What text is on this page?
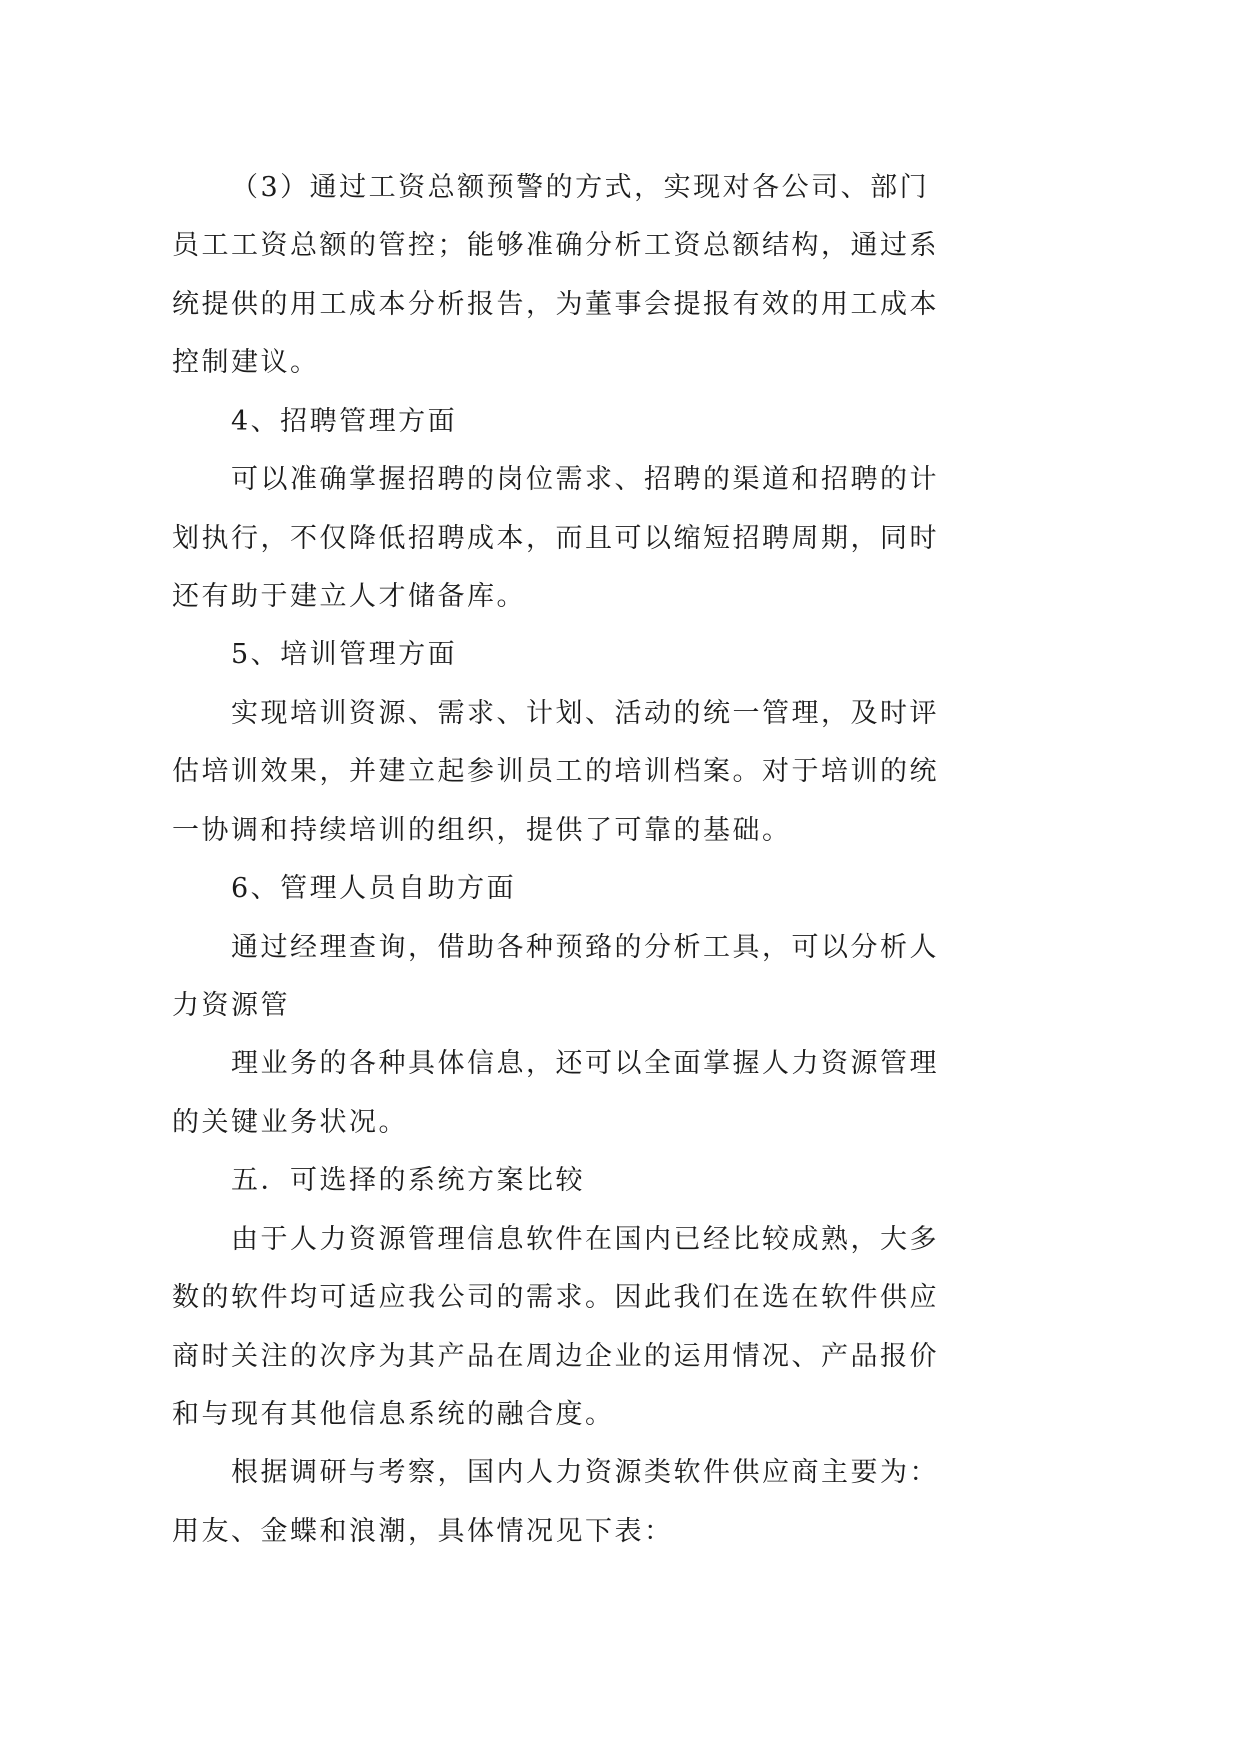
（3）通过工资总额预警的方式，实现对各公司、部门
员工工资总额的管控；能够准确分析工资总额结构，通过系
统提供的用工成本分析报告，为董事会提报有效的用工成本
控制建议。
4、招聘管理方面
可以准确掌握招聘的岗位需求、招聘的渠道和招聘的计
划执行，不仅降低招聘成本，而且可以缩短招聘周期，同时
还有助于建立人才储备库。
5、培训管理方面
实现培训资源、需求、计划、活动的统一管理，及时评
估培训效果，并建立起参训员工的培训档案。对于培训的统
一协调和持续培训的组织，提供了可靠的基础。
6、管理人员自助方面
通过经理查询，借助各种预臵的分析工具，可以分析人
力资源管
理业务的各种具体信息，还可以全面掌握人力资源管理
的关键业务状况。
五．可选择的系统方案比较
由于人力资源管理信息软件在国内已经比较成熟，大多
数的软件均可适应我公司的需求。因此我们在选在软件供应
商时关注的次序为其产品在周边企业的运用情况、产品报价
和与现有其他信息系统的融合度。
根据调研与考察，国内人力资源类软件供应商主要为：
用友、金蝶和浪潮，具体情况见下表：
